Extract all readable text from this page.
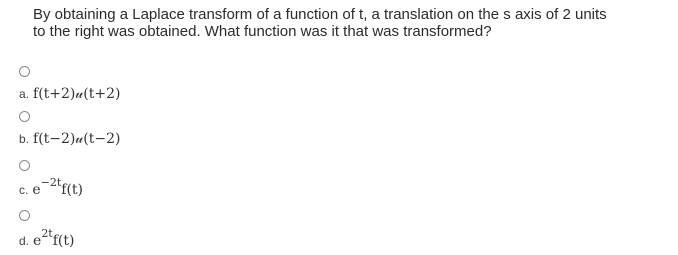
By obtaining a Laplace transform of a function of t, a translation on the s axis of 2 units
to the right was obtained. What function was it that was transformed?
a. f(t+2)𝓊(t+2)
b. f(t−2)𝓊(t−2)
c. $e^{-2t}f(t)$
d. $e^{2t}f(t)$
